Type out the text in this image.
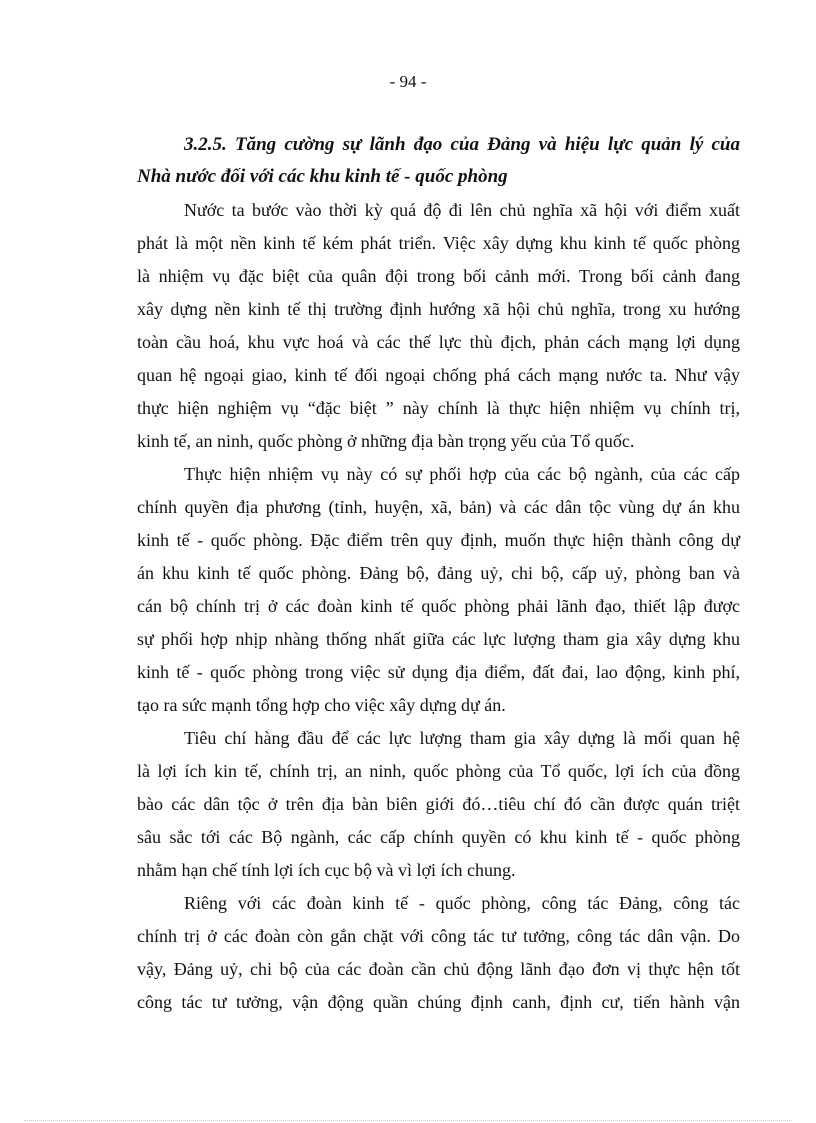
- 94 -
3.2.5. Tăng cường sự lãnh đạo của Đảng và hiệu lực quản lý của
Nhà nước đối với các khu kinh tế - quốc phòng
Nước ta bước vào thời kỳ quá độ đi lên chủ nghĩa xã hội với điểm xuất
phát là một nền kinh tế kém phát triển. Việc xây dựng khu kinh tế quốc phòng
là nhiệm vụ đặc biệt của quân đội trong bối cảnh mới. Trong bối cảnh đang
xây dựng nền kinh tế thị trường định hướng xã hội chủ nghĩa, trong xu hướng
toàn cầu hoá, khu vực hoá và các thế lực thù địch, phản cách mạng lợi dụng
quan hệ ngoại giao, kinh tế đối ngoại chống phá cách mạng nước ta. Như vậy
thực hiện nghiệm vụ “đặc biệt ” này chính là thực hiện nhiệm vụ chính trị,
kinh tế, an ninh, quốc phòng ở những địa bàn trọng yếu của Tổ quốc.
Thực hiện nhiệm vụ này có sự phối hợp của các bộ ngành, của các cấp
chính quyền địa phương (tỉnh, huyện, xã, bản) và các dân tộc vùng dự án khu
kinh tế - quốc phòng. Đặc điểm trên quy định, muốn thực hiện thành công dự
án khu kinh tế quốc phòng. Đảng bộ, đảng uỷ, chi bộ, cấp uỷ, phòng ban và
cán bộ chính trị ở các đoàn kinh tế quốc phòng phải lãnh đạo, thiết lập được
sự phối hợp nhịp nhàng thống nhất giữa các lực lượng tham gia xây dựng khu
kinh tế - quốc phòng trong việc sử dụng địa điểm, đất đai, lao động, kinh phí,
tạo ra sức mạnh tổng hợp cho việc xây dựng dự án.
Tiêu chí hàng đầu để các lực lượng tham gia xây dựng là mối quan hệ
là lợi ích kin tế, chính trị, an ninh, quốc phòng của Tổ quốc, lợi ích của đồng
bào các dân tộc ở trên địa bàn biên giới đó…tiêu chí đó cần được quán triệt
sâu sắc tới các Bộ ngành, các cấp chính quyền có khu kinh tế - quốc phòng
nhằm hạn chế tính lợi ích cục bộ và vì lợi ích chung.
Riêng với các đoàn kinh tế - quốc phòng, công tác Đảng, công tác
chính trị ở các đoàn còn gắn chặt với công tác tư tưởng, công tác dân vận. Do
vậy, Đảng uỷ, chi bộ của các đoàn cần chủ động lãnh đạo đơn vị thực hện tốt
công tác tư tưởng, vận động quần chúng định canh, định cư, tiến hành vận
